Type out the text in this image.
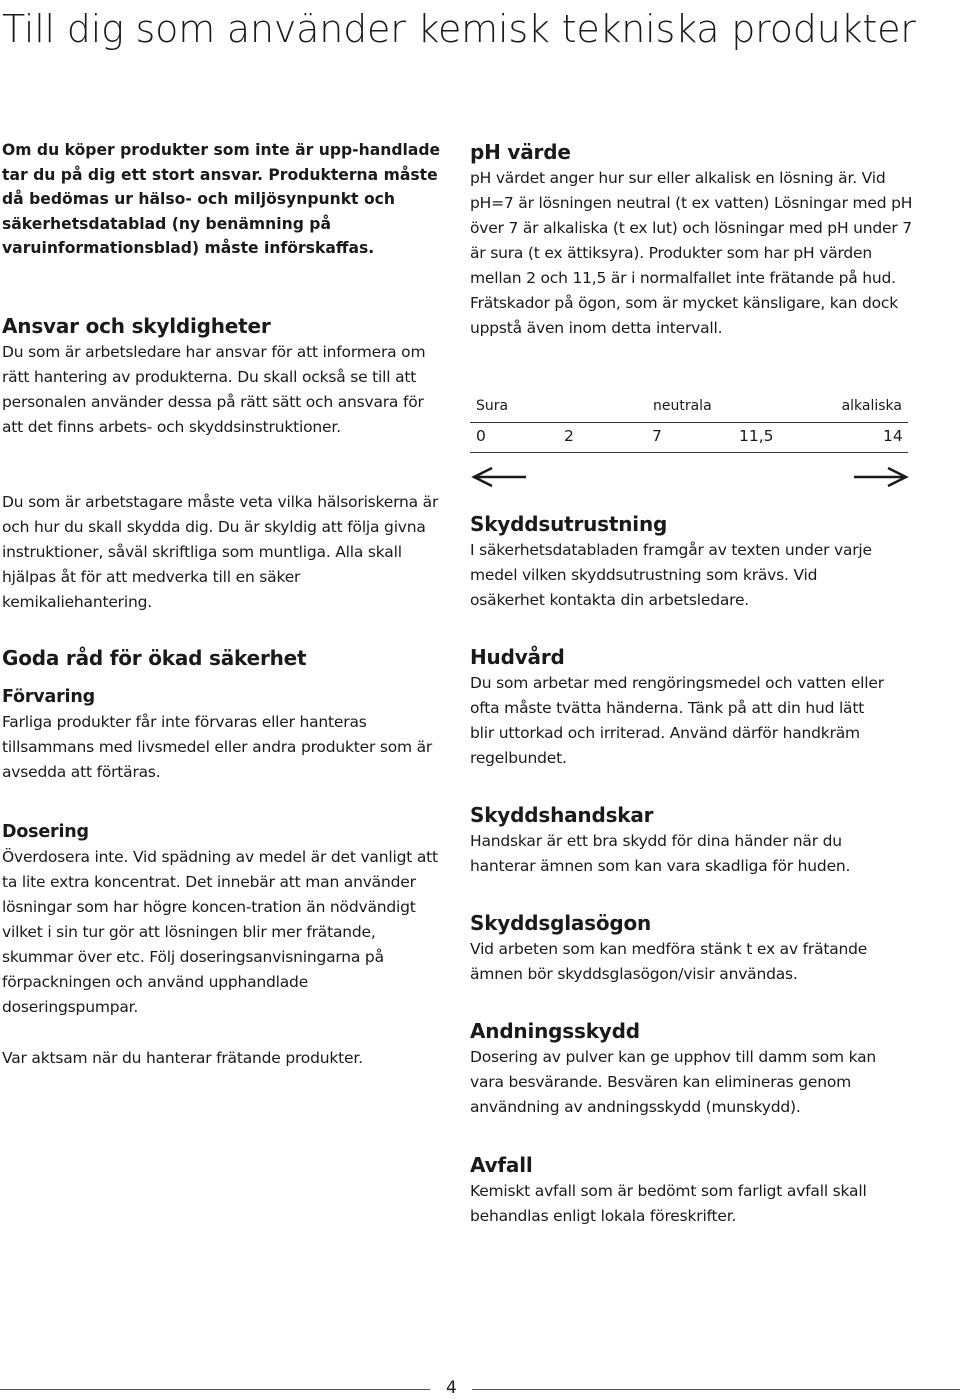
Till dig som använder kemisk tekniska produkter
Om du köper produkter som inte är upp-handlade tar du på dig ett stort ansvar. Produkterna måste då bedömas ur hälso- och miljösynpunkt och säkerhetsdatablad (ny benämning på varuinformationsblad) måste införskaffas.
Ansvar och skyldigheter

Du som är arbetsledare har ansvar för att informera om rätt hantering av produkterna. Du skall också se till att personalen använder dessa på rätt sätt och ansvara för att det finns arbets- och skyddsinstruktioner.

Du som är arbetstagare måste veta vilka hälsoriskerna är och hur du skall skydda dig. Du är skyldig att följa givna instruktioner, såväl skriftliga som muntliga. Alla skall hjälpas åt för att medverka till en säker kemikaliehantering.

Goda råd för ökad säkerhet
Förvaring

Farliga produkter får inte förvaras eller hanteras tillsammans med livsmedel eller andra produkter som är avsedda att förtäras.

Dosering

Överdosera inte. Vid spädning av medel är det vanligt att ta lite extra koncentrat. Det innebär att man använder lösningar som har högre koncen-tration än nödvändigt vilket i sin tur gör att lösningen blir mer frätande, skummar över etc. Följ doseringsanvisningarna på förpackningen och använd upphandlade doseringspumpar.

Var aktsam när du hanterar frätande produkter.

pH värde

pH värdet anger hur sur eller alkalisk en lösning är. Vid pH=7 är lösningen neutral (t ex vatten) Lösningar med pH över 7 är alkaliska (t ex lut) och lösningar med pH under 7 är sura (t ex ättiksyra). Produkter som har pH värden mellan 2 och 11,5 är i normalfallet inte frätande på hud. Frätskador på ögon, som är mycket känsligare, kan dock uppstå även inom detta intervall.

Sura	neutrala	alkaliska
0	2	7	11,5	14
Skyddsutrustning

I säkerhetsdatabladen framgår av texten under varje medel vilken skyddsutrustning som krävs. Vid osäkerhet kontakta din arbetsledare.

Hudvård

Du som arbetar med rengöringsmedel och vatten eller ofta måste tvätta händerna. Tänk på att din hud lätt blir uttorkad och irriterad. Använd därför handkräm regelbundet.

Skyddshandskar

Handskar är ett bra skydd för dina händer när du hanterar ämnen som kan vara skadliga för huden.

Skyddsglasögon

Vid arbeten som kan medföra stänk t ex av frätande ämnen bör skyddsglasögon/visir användas.

Andningsskydd

Dosering av pulver kan ge upphov till damm som kan vara besvärande. Besvären kan elimineras genom användning av andningsskydd (munskydd).

Avfall

Kemiskt avfall som är bedömt som farligt avfall skall behandlas enligt lokala föreskrifter.

4
